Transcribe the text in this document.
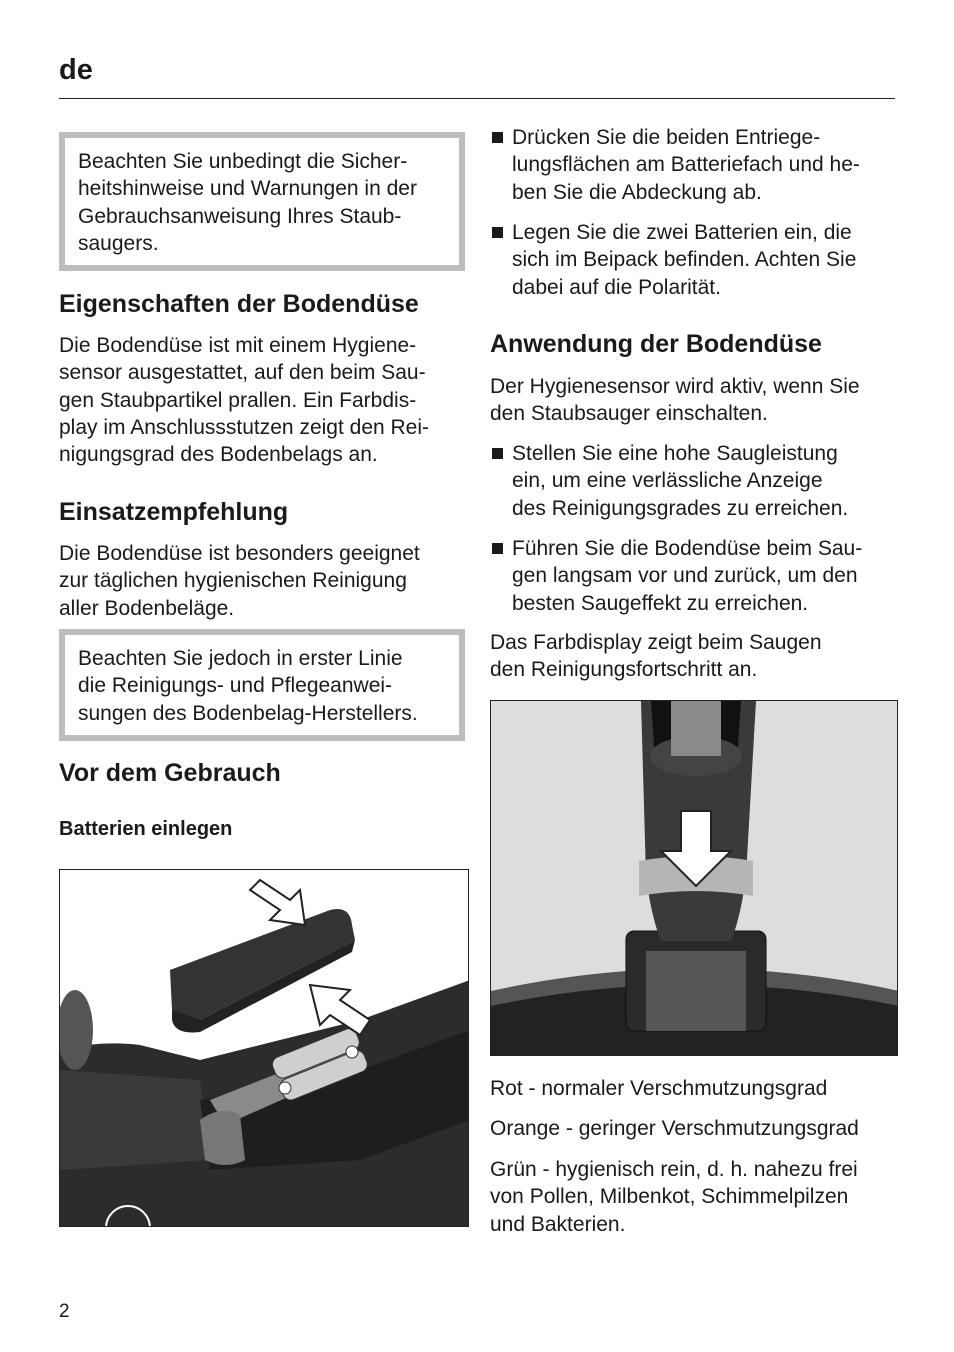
de
Beachten Sie unbedingt die Sicher-
heitshinweise und Warnungen in der
Gebrauchsanweisung Ihres Staub-
saugers.
Eigenschaften der Bodendüse
Die Bodendüse ist mit einem Hygiene-
sensor ausgestattet, auf den beim Sau-
gen Staubpartikel prallen. Ein Farbdis-
play im Anschlussstutzen zeigt den Rei-
nigungsgrad des Bodenbelags an.
Einsatzempfehlung
Die Bodendüse ist besonders geeignet
zur täglichen hygienischen Reinigung
aller Bodenbeläge.
Beachten Sie jedoch in erster Linie
die Reinigungs- und Pflegeanwei-
sungen des Bodenbelag-Herstellers.
Vor dem Gebrauch
Batterien einlegen
Drücken Sie die beiden Entriege-
lungsflächen am Batteriefach und he-
ben Sie die Abdeckung ab.
Legen Sie die zwei Batterien ein, die
sich im Beipack befinden. Achten Sie
dabei auf die Polarität.
Anwendung der Bodendüse
Der Hygienesensor wird aktiv, wenn Sie
den Staubsauger einschalten.
Stellen Sie eine hohe Saugleistung
ein, um eine verlässliche Anzeige
des Reinigungsgrades zu erreichen.
Führen Sie die Bodendüse beim Sau-
gen langsam vor und zurück, um den
besten Saugeffekt zu erreichen.
Das Farbdisplay zeigt beim Saugen
den Reinigungsfortschritt an.
Rot - normaler Verschmutzungsgrad
Orange - geringer Verschmutzungsgrad
Grün - hygienisch rein, d. h. nahezu frei
von Pollen, Milbenkot, Schimmelpilzen
und Bakterien.
2
